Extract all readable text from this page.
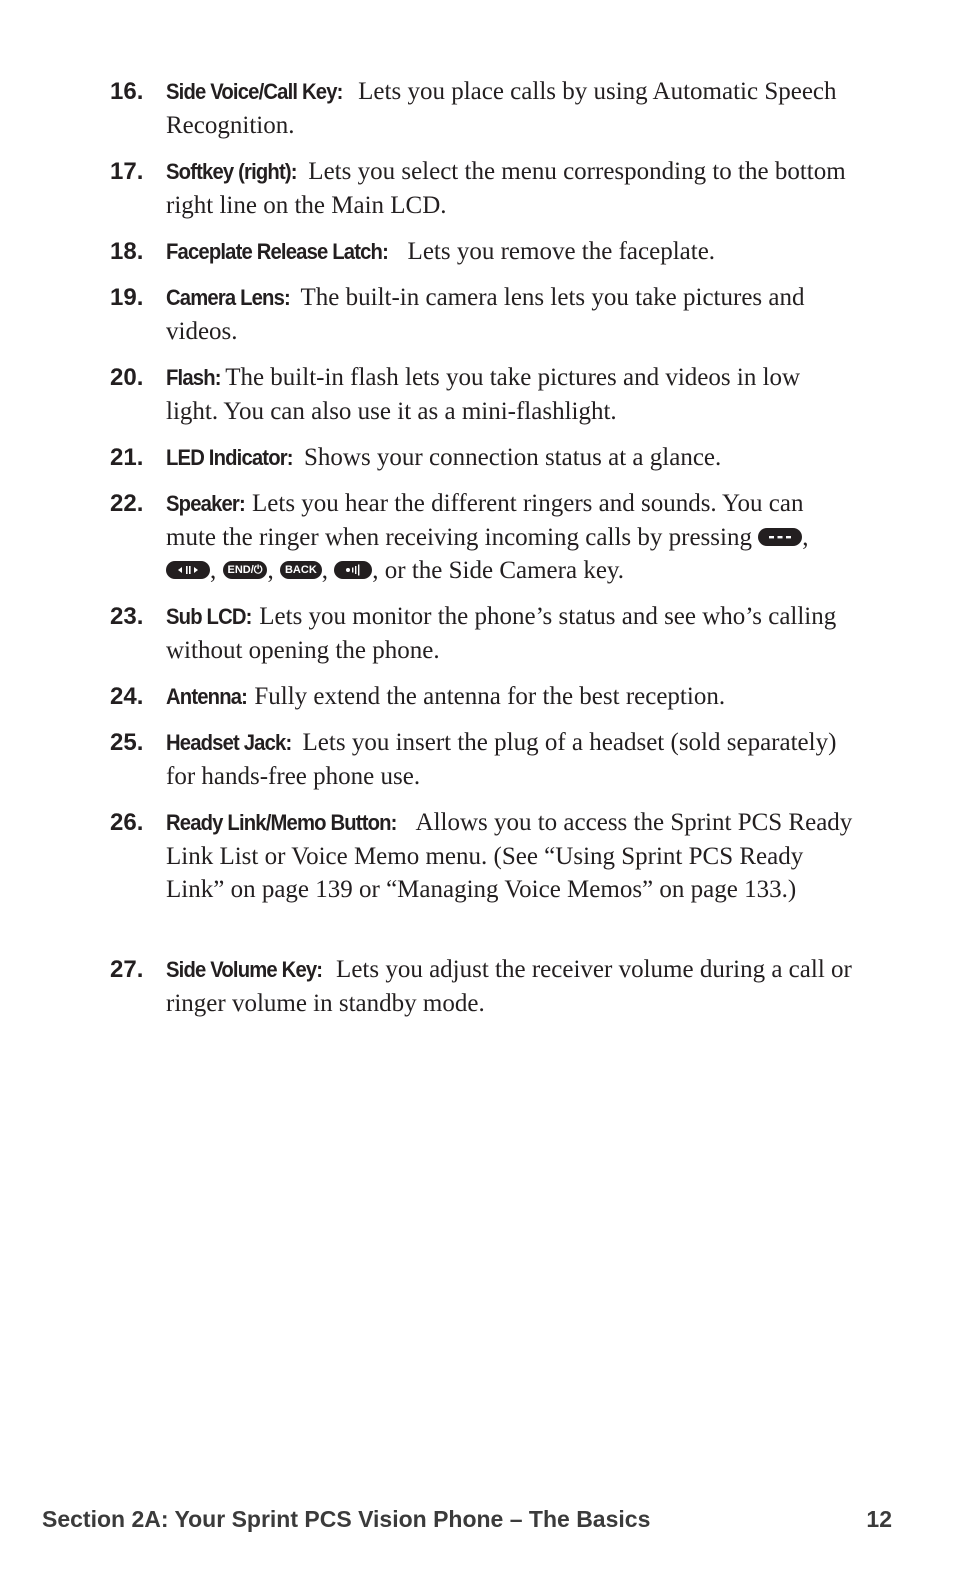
16.	Side Voice/Call Key: Lets you place calls by using Automatic Speech Recognition.
17.	Softkey (right): Lets you select the menu corresponding to the bottom right line on the Main LCD.
18.	Faceplate Release Latch: Lets you remove the faceplate.
19.	Camera Lens: The built-in camera lens lets you take pictures and videos.
20.	Flash: The built-in flash lets you take pictures and videos in low light. You can also use it as a mini-flashlight.
21.	LED Indicator: Shows your connection status at a glance.
22.	Speaker: Lets you hear the different ringers and sounds. You can mute the ringer when receiving incoming calls by pressing
,
, END/⏻ , BACK ,
, or the Side Camera key.
23.	Sub LCD: Lets you monitor the phone’s status and see who’s calling without opening the phone.
24.	Antenna: Fully extend the antenna for the best reception.
25.	Headset Jack: Lets you insert the plug of a headset (sold separately) for hands-free phone use.
26.	Ready Link/Memo Button: Allows you to access the Sprint PCS Ready Link List or Voice Memo menu. (See “Using Sprint PCS Ready Link” on page 139 or “Managing Voice Memos” on page 133.)
27.	Side Volume Key: Lets you adjust the receiver volume during a call or ringer volume in standby mode.
Section 2A: Your Sprint PCS Vision Phone – The Basics	12
